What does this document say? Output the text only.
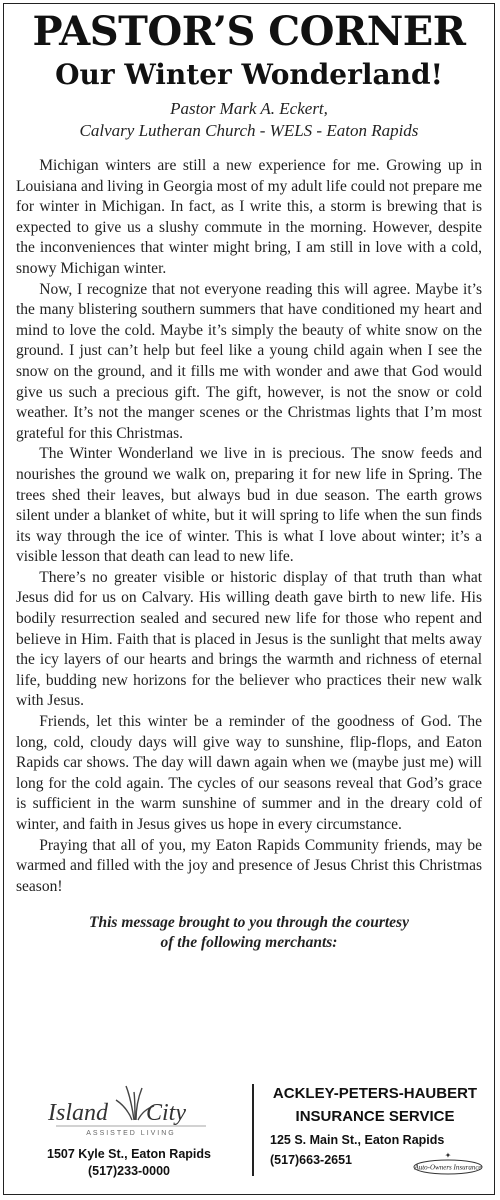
PASTOR’S CORNER
Our Winter Wonderland!
Pastor Mark A. Eckert,
Calvary Lutheran Church - WELS - Eaton Rapids

Michigan winters are still a new experience for me. Growing up in Louisiana and living in Georgia most of my adult life could not prepare me for winter in Michigan. In fact, as I write this, a storm is brewing that is expected to give us a slushy commute in the morning. However, despite the inconveniences that winter might bring, I am still in love with a cold, snowy Michigan winter.

Now, I recognize that not everyone reading this will agree. Maybe it’s the many blistering southern summers that have conditioned my heart and mind to love the cold. Maybe it’s simply the beauty of white snow on the ground. I just can’t help but feel like a young child again when I see the snow on the ground, and it fills me with wonder and awe that God would give us such a precious gift. The gift, however, is not the snow or cold weather. It’s not the manger scenes or the Christmas lights that I’m most grateful for this Christmas.

The Winter Wonderland we live in is precious. The snow feeds and nourishes the ground we walk on, preparing it for new life in Spring. The trees shed their leaves, but always bud in due season. The earth grows silent under a blanket of white, but it will spring to life when the sun finds its way through the ice of winter. This is what I love about winter; it’s a visible lesson that death can lead to new life.

There’s no greater visible or historic display of that truth than what Jesus did for us on Calvary. His willing death gave birth to new life. His bodily resurrection sealed and secured new life for those who repent and believe in Him. Faith that is placed in Jesus is the sunlight that melts away the icy layers of our hearts and brings the warmth and richness of eternal life, budding new horizons for the believer who practices their new walk with Jesus.

Friends, let this winter be a reminder of the goodness of God. The long, cold, cloudy days will give way to sunshine, flip-flops, and Eaton Rapids car shows. The day will dawn again when we (maybe just me) will long for the cold again. The cycles of our seasons reveal that God’s grace is sufficient in the warm sunshine of summer and in the dreary cold of winter, and faith in Jesus gives us hope in every circumstance.

Praying that all of you, my Eaton Rapids Community friends, may be warmed and filled with the joy and presence of Jesus Christ this Christmas season!

This message brought to you through the courtesy
of the following merchants:
Island City
ASSISTED LIVING
1507 Kyle St., Eaton Rapids
(517)233-0000
ACKLEY-PETERS-HAUBERT
INSURANCE SERVICE
125 S. Main St., Eaton Rapids
(517)663-2651	✦
Auto-Owners Insurance
